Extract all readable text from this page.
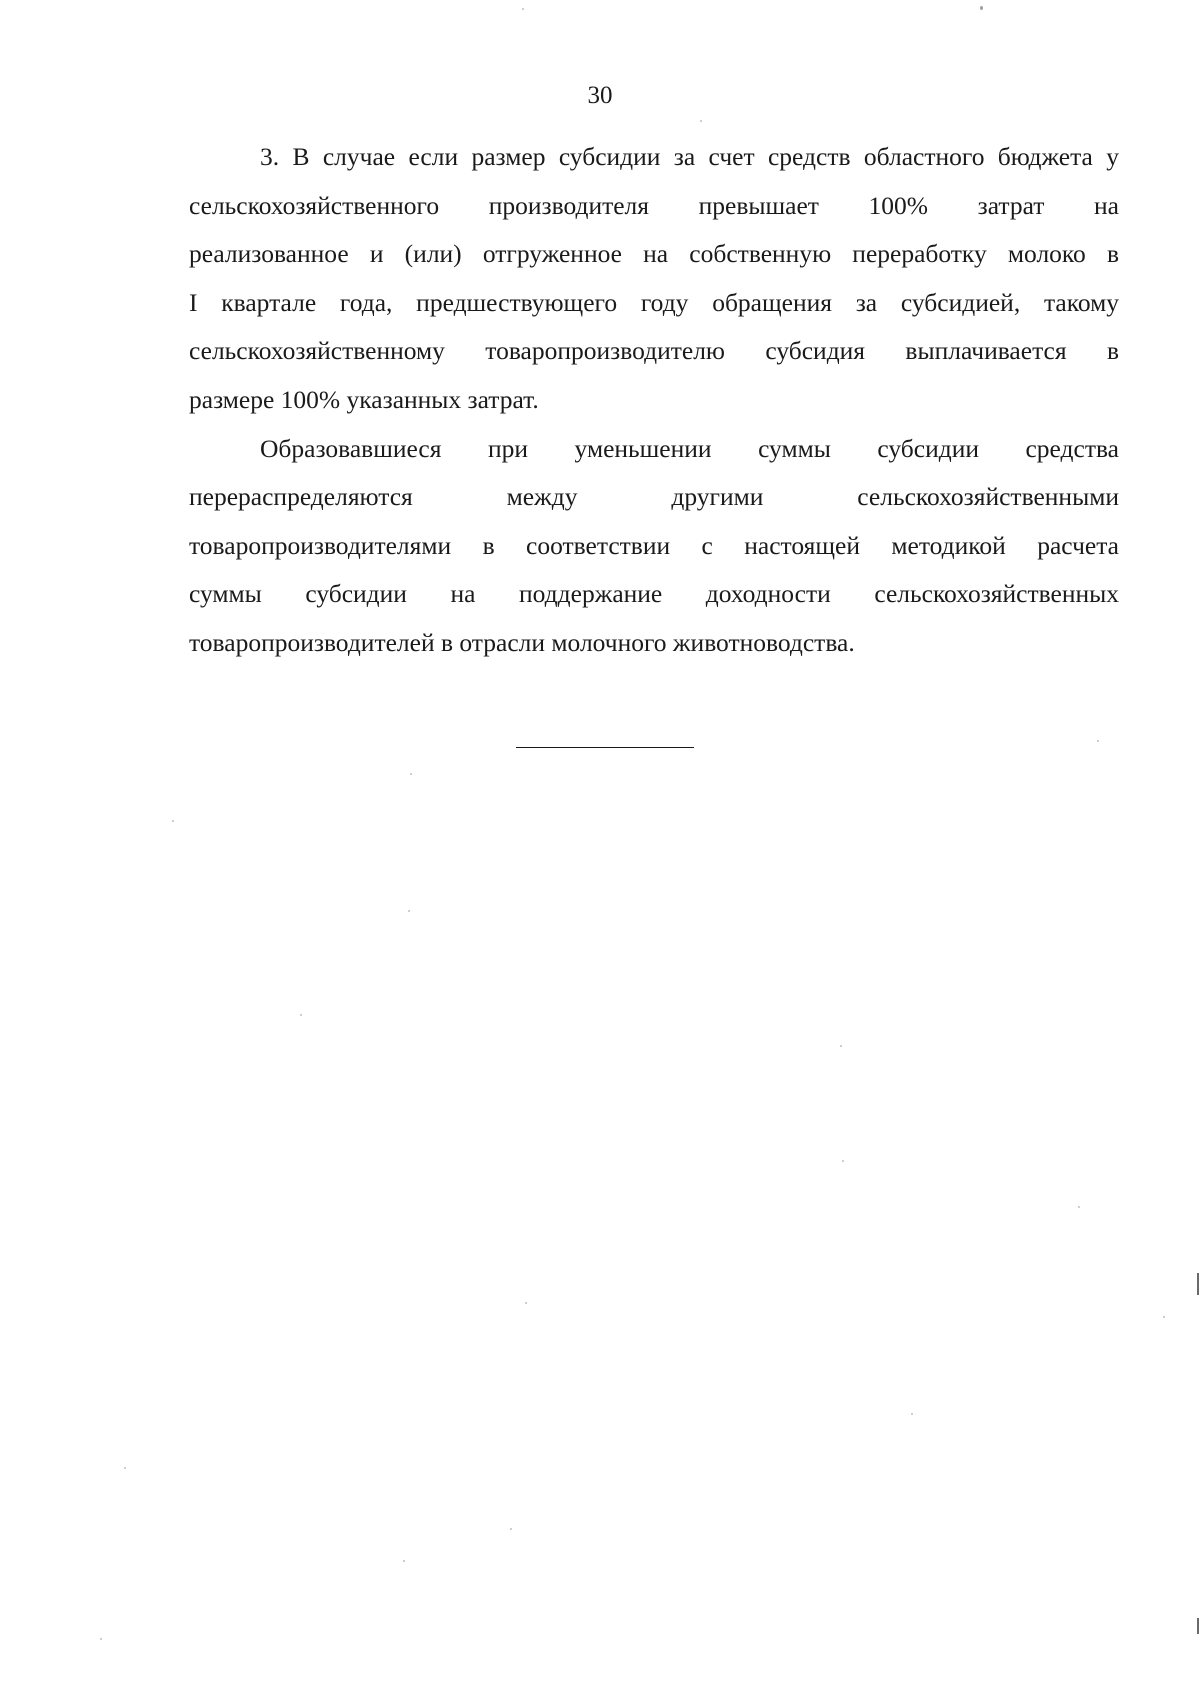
30
3. В случае если размер субсидии за счет средств областного бюджета у
сельскохозяйственного производителя превышает 100% затрат на
реализованное и (или) отгруженное на собственную переработку молоко в
I квартале года, предшествующего году обращения за субсидией, такому
сельскохозяйственному товаропроизводителю субсидия выплачивается в
размере 100% указанных затрат.
Образовавшиеся при уменьшении суммы субсидии средства
перераспределяются между другими сельскохозяйственными
товаропроизводителями в соответствии с настоящей методикой расчета
суммы субсидии на поддержание доходности сельскохозяйственных
товаропроизводителей в отрасли молочного животноводства.
